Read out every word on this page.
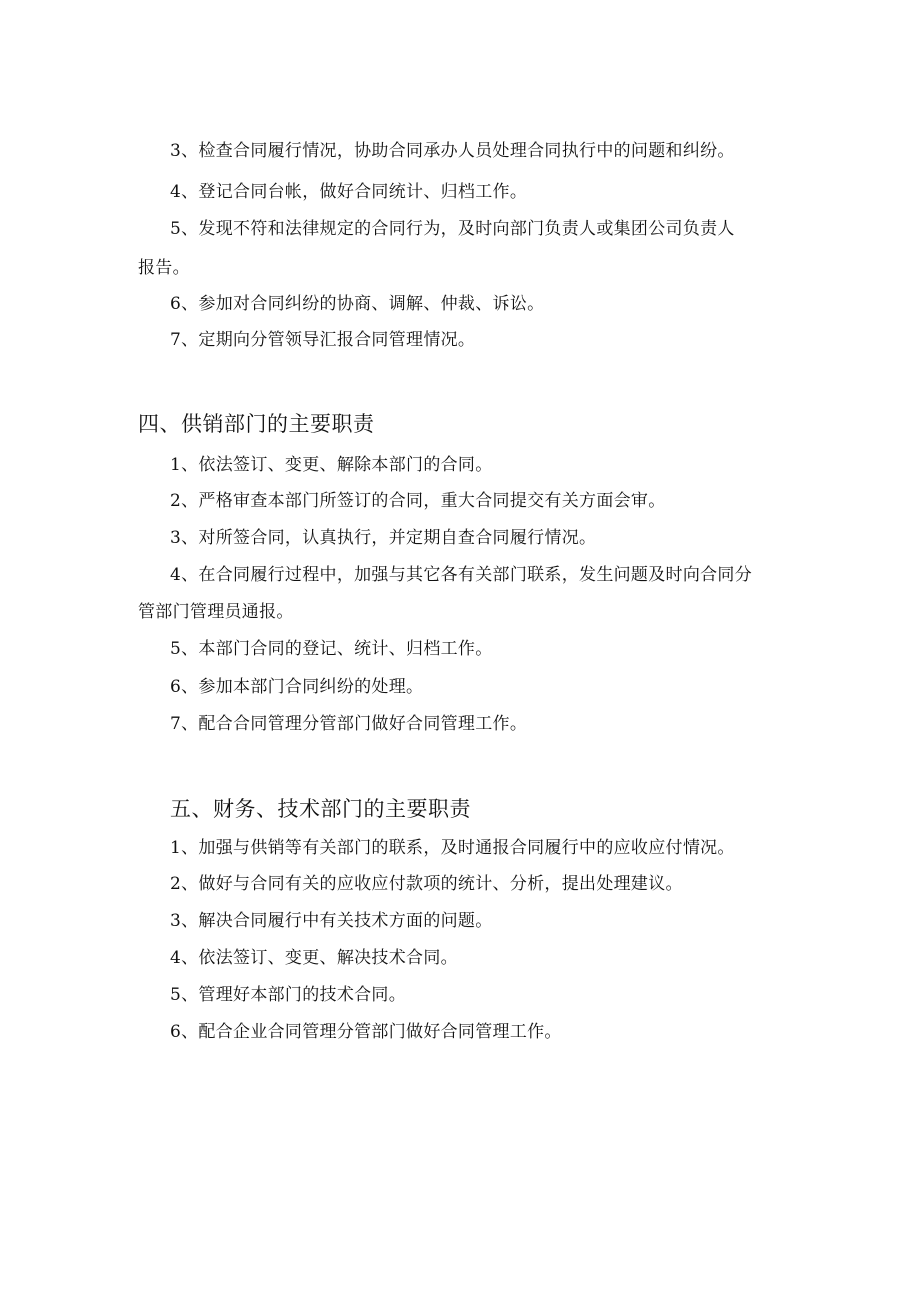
3、检查合同履行情况，协助合同承办人员处理合同执行中的问题和纠纷。
4、登记合同台帐，做好合同统计、归档工作。
5、发现不符和法律规定的合同行为，及时向部门负责人或集团公司负责人
报告。
6、参加对合同纠纷的协商、调解、仲裁、诉讼。
7、定期向分管领导汇报合同管理情况。
四、供销部门的主要职责
1、依法签订、变更、解除本部门的合同。
2、严格审查本部门所签订的合同，重大合同提交有关方面会审。
3、对所签合同，认真执行，并定期自查合同履行情况。
4、在合同履行过程中，加强与其它各有关部门联系，发生问题及时向合同分
管部门管理员通报。
5、本部门合同的登记、统计、归档工作。
6、参加本部门合同纠纷的处理。
7、配合合同管理分管部门做好合同管理工作。
五、财务、技术部门的主要职责
1、加强与供销等有关部门的联系，及时通报合同履行中的应收应付情况。
2、做好与合同有关的应收应付款项的统计、分析，提出处理建议。
3、解决合同履行中有关技术方面的问题。
4、依法签订、变更、解决技术合同。
5、管理好本部门的技术合同。
6、配合企业合同管理分管部门做好合同管理工作。
